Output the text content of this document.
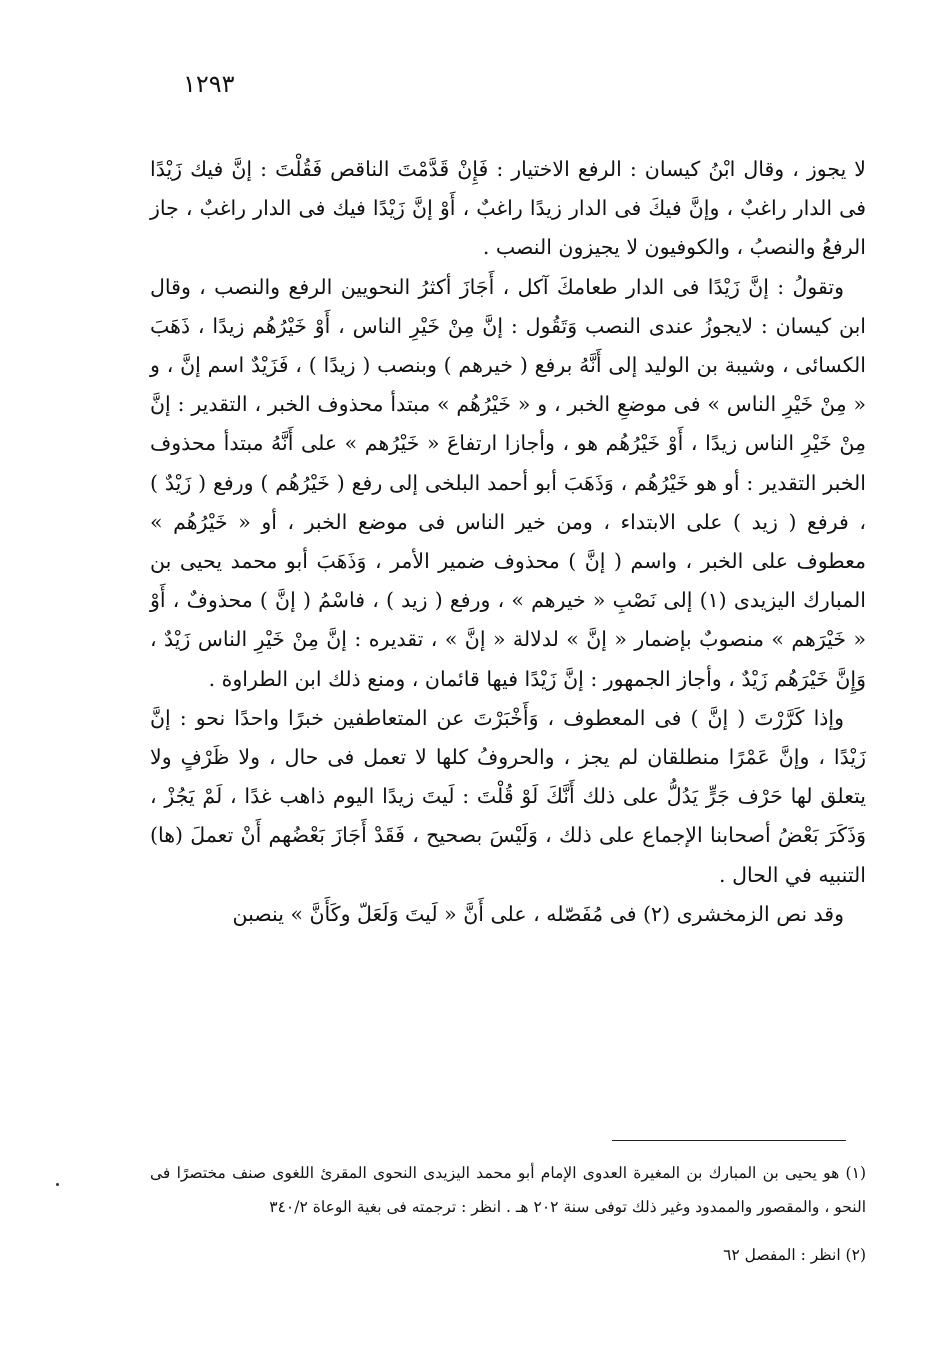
١٢٩٣

لا يجوز ، وقال ابْنُ كيسان : الرفع الاختيار : فَإِنْ قَدَّمْتَ الناقص فَقُلْتَ : إنَّ فيك زَيْدًا فى الدار راغبٌ ، وإنَّ فيكَ فى الدار زيدًا راغبٌ ، أَوْ إنَّ زَيْدًا فيك فى الدار راغبٌ ، جاز الرفعُ والنصبُ ، والكوفيون لا يجيزون النصب .

وتقولُ : إنَّ زَيْدًا فى الدار طعامكَ آكل ، أَجَازَ أكثرُ النحويين الرفع والنصب ، وقال ابن كيسان : لايجوزُ عندى النصب وَتَقُول : إنَّ مِنْ خَيْرِ الناس ، أَوْ خَيْرُهُم زيدًا ، ذَهَبَ الكسائى ، وشيبة بن الوليد إلى أَنَّهُ برفع ( خيرهم ) وبنصب ( زيدًا ) ، فَزَيْدٌ اسم إنَّ ، و « مِنْ خَيْرِ الناس » فى موضعِ الخبر ، و « خَيْرُهُم » مبتدأ محذوف الخبر ، التقدير : إنَّ مِنْ خَيْرِ الناس زيدًا ، أَوْ خَيْرُهُم هو ، وأجازا ارتفاعَ « خَيْرُهم » على أَنَّهُ مبتدأ محذوف الخبر التقدير : أو هو خَيْرُهُم ، وَذَهَبَ أبو أحمد البلخى إلى رفع ( خَيْرُهُم ) ورفع ( زَيْدٌ ) ، فرفع ( زيد ) على الابتداء ، ومن خير الناس فى موضع الخبر ، أو « خَيْرُهُم » معطوف على الخبر ، واسم ( إنَّ ) محذوف ضمير الأمر ، وَذَهَبَ أبو محمد يحيى بن المبارك اليزيدى (١) إلى نَصْبِ « خيرهم » ، ورفع ( زيد ) ، فاسْمُ ( إنَّ ) محذوفٌ ، أَوْ « خَيْرَهم » منصوبٌ بإضمار « إنَّ » لدلالة « إنَّ » ، تقديره : إنَّ مِنْ خَيْرِ الناس زَيْدٌ ، وَإِنَّ خَيْرَهُم زَيْدٌ ، وأجاز الجمهور : إنَّ زَيْدًا فيها قائمان ، ومنع ذلك ابن الطراوة .

وإذا كَرَّرْتَ ( إنَّ ) فى المعطوف ، وَأَخْبَرْتَ عن المتعاطفين خبرًا واحدًا نحو : إنَّ زَيْدًا ، وإنَّ عَمْرًا منطلقان لم يجز ، والحروفُ كلها لا تعمل فى حال ، ولا ظَرْفٍ ولا يتعلق لها حَرْف جَرٍّ يَدُلُّ على ذلك أَنَّكَ لَوْ قُلْتَ : لَيتَ زيدًا اليوم ذاهب غدًا ، لَمْ يَجُزْ ، وَذَكَرَ بَعْضُ أصحابنا الإجماع على ذلك ، وَلَيْسَ بصحيح ، فَقَدْ أَجَازَ بَعْضُهم أَنْ تعملَ (ها) التنبيه في الحال .

وقد نص الزمخشرى (٢) فى مُفَصّله ، على أَنَّ « لَيتَ وَلَعَلّ وكَأَنَّ » ينصبن

(١) هو يحيى بن المبارك بن المغيرة العدوى الإمام أبو محمد اليزيدى النحوى المقرئ اللغوى صنف مختصرًا فى النحو ، والمقصور والممدود وغير ذلك توفى سنة ٢٠٢ هـ . انظر : ترجمته فى بغية الوعاة ٣٤٠/٢

(٢) انظر : المفصل ٦٢
